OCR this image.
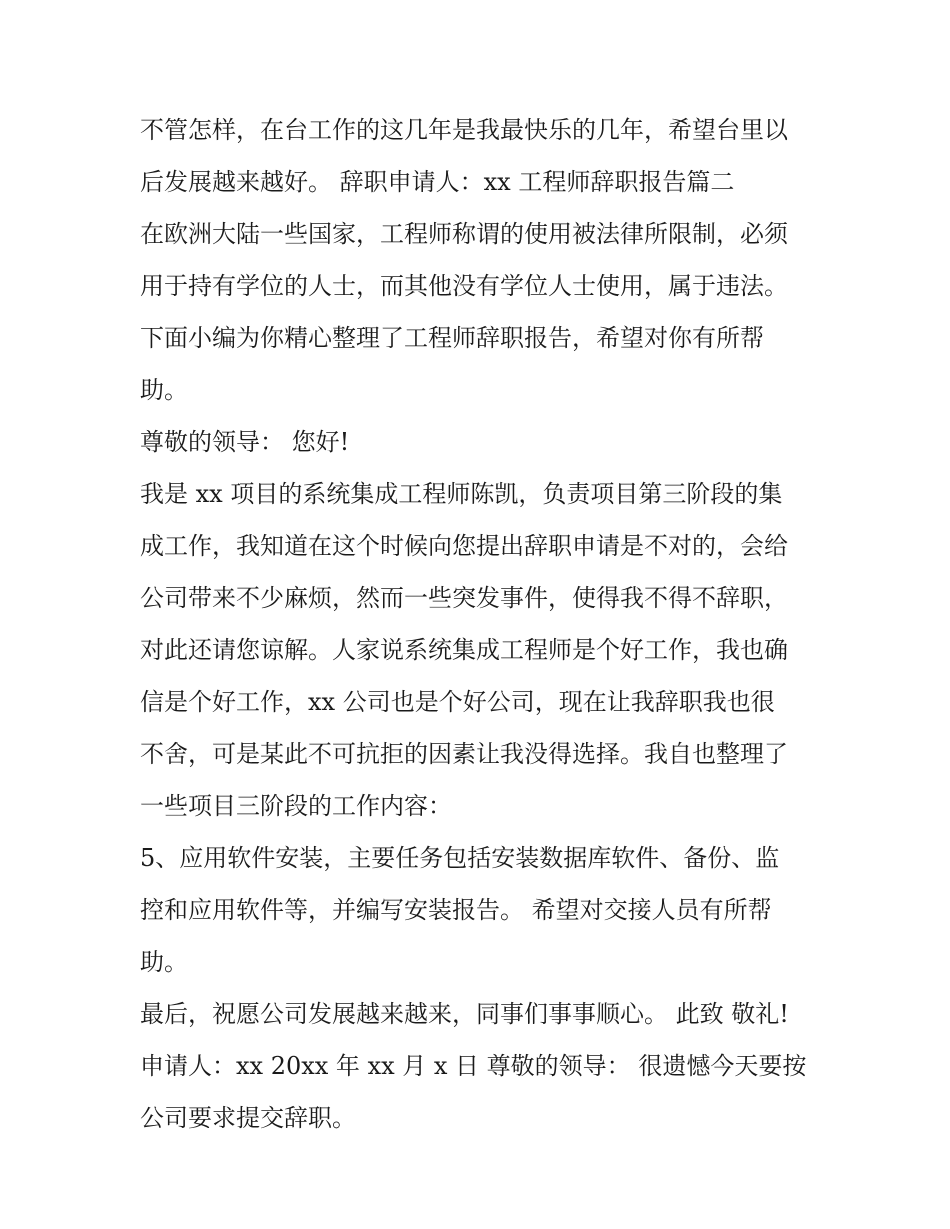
不管怎样，在台工作的这几年是我最快乐的几年，希望台里以
后发展越来越好。 辞职申请人：xx 工程师辞职报告篇二
在欧洲大陆一些国家，工程师称谓的使用被法律所限制，必须
用于持有学位的人士，而其他没有学位人士使用，属于违法。
下面小编为你精心整理了工程师辞职报告，希望对你有所帮
助。
尊敬的领导： 您好!
我是 xx 项目的系统集成工程师陈凯，负责项目第三阶段的集
成工作，我知道在这个时候向您提出辞职申请是不对的，会给
公司带来不少麻烦，然而一些突发事件，使得我不得不辞职，
对此还请您谅解。人家说系统集成工程师是个好工作，我也确
信是个好工作，xx 公司也是个好公司，现在让我辞职我也很
不舍，可是某此不可抗拒的因素让我没得选择。我自也整理了
一些项目三阶段的工作内容：
5、应用软件安装，主要任务包括安装数据库软件、备份、监
控和应用软件等，并编写安装报告。 希望对交接人员有所帮
助。
最后，祝愿公司发展越来越来，同事们事事顺心。 此致 敬礼!
申请人：xx 20xx 年 xx 月 x 日 尊敬的领导： 很遗憾今天要按
公司要求提交辞职。
